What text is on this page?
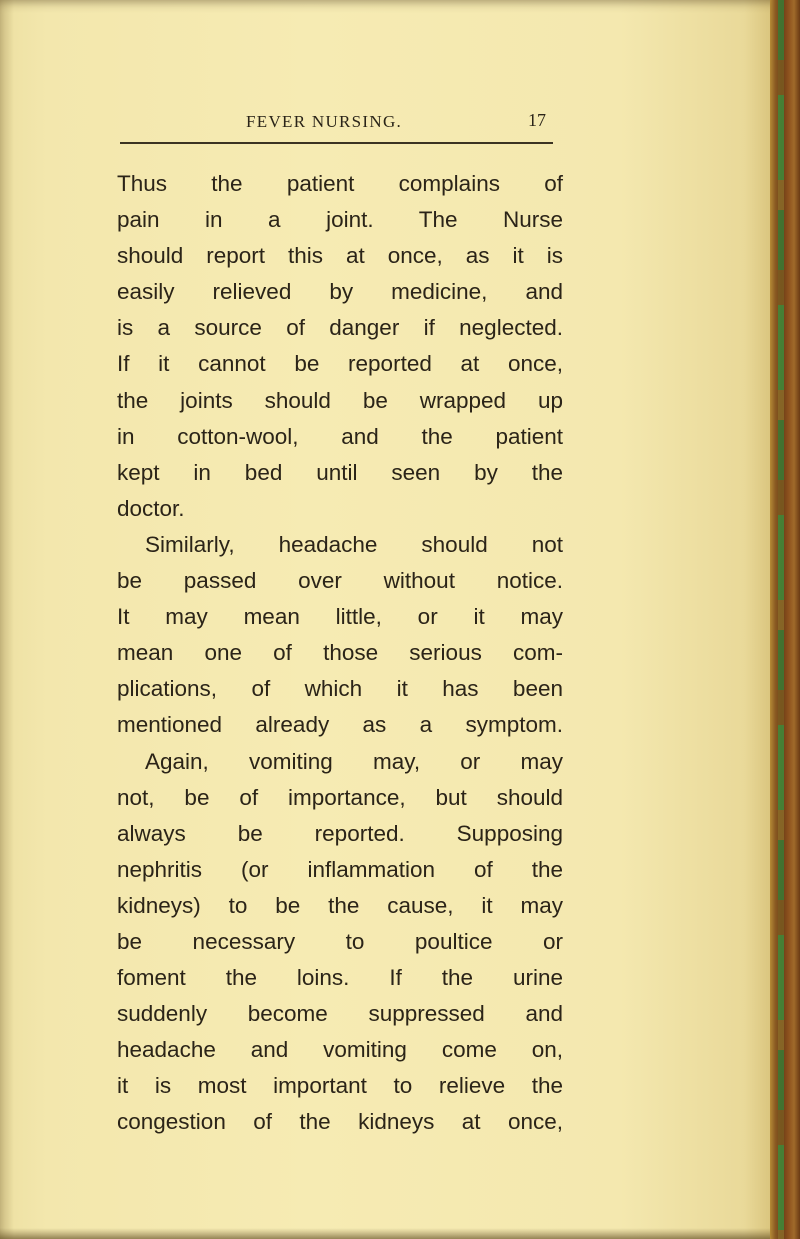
FEVER NURSING.	17
Thus the patient complains of
pain in a joint. The Nurse
should report this at once, as it is
easily relieved by medicine, and
is a source of danger if neglected.
If it cannot be reported at once,
the joints should be wrapped up
in cotton-wool, and the patient
kept in bed until seen by the
doctor.
Similarly, headache should not
be passed over without notice.
It may mean little, or it may
mean one of those serious com-
plications, of which it has been
mentioned already as a symptom.
Again, vomiting may, or may
not, be of importance, but should
always be reported. Supposing
nephritis (or inflammation of the
kidneys) to be the cause, it may
be necessary to poultice or
foment the loins. If the urine
suddenly become suppressed and
headache and vomiting come on,
it is most important to relieve the
congestion of the kidneys at once,
